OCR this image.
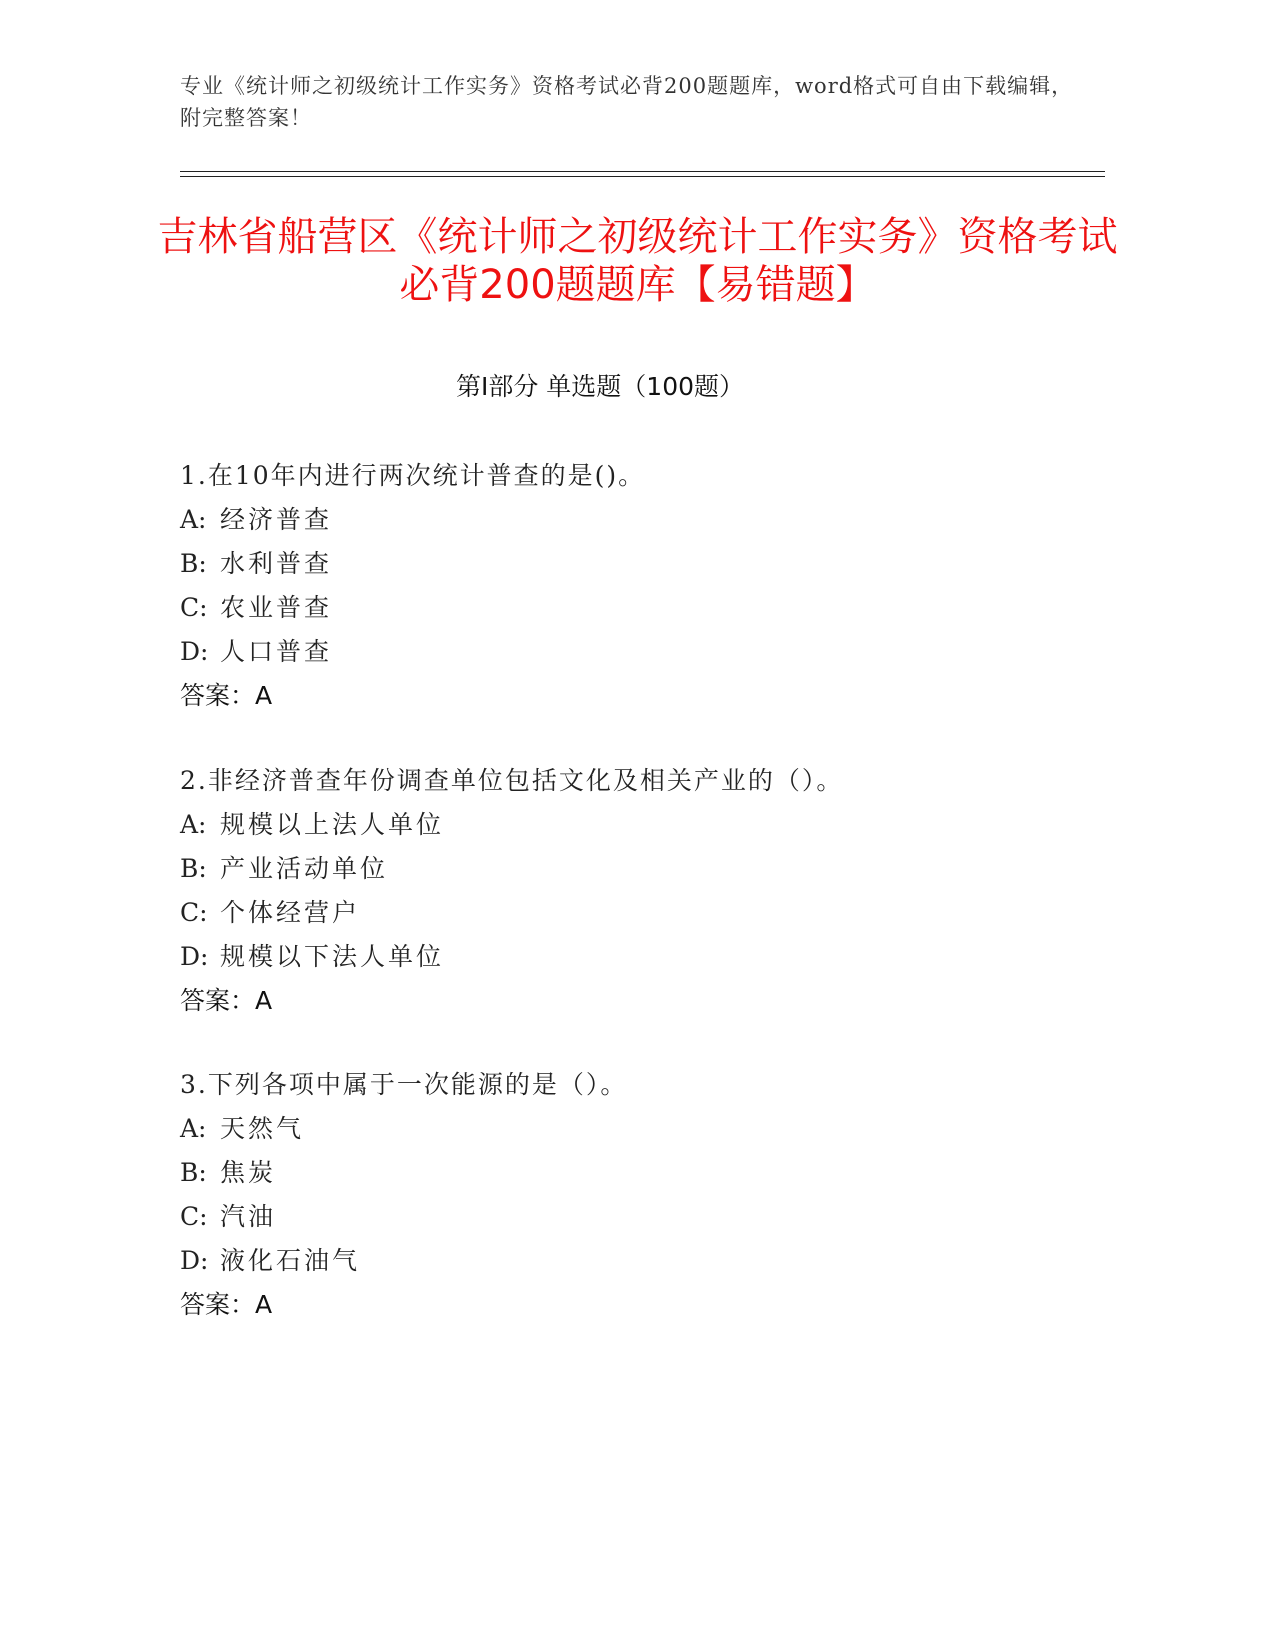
专业《统计师之初级统计工作实务》资格考试必背200题题库，word格式可自由下载编辑，附完整答案！
吉林省船营区《统计师之初级统计工作实务》资格考试必背200题题库【易错题】
第I部分 单选题（100题）
1.在10年内进行两次统计普查的是()。
A: 经济普查
B: 水利普查
C: 农业普查
D: 人口普查
答案：A
2.非经济普查年份调查单位包括文化及相关产业的（）。
A: 规模以上法人单位
B: 产业活动单位
C: 个体经营户
D: 规模以下法人单位
答案：A
3.下列各项中属于一次能源的是（）。
A: 天然气
B: 焦炭
C: 汽油
D: 液化石油气
答案：A
